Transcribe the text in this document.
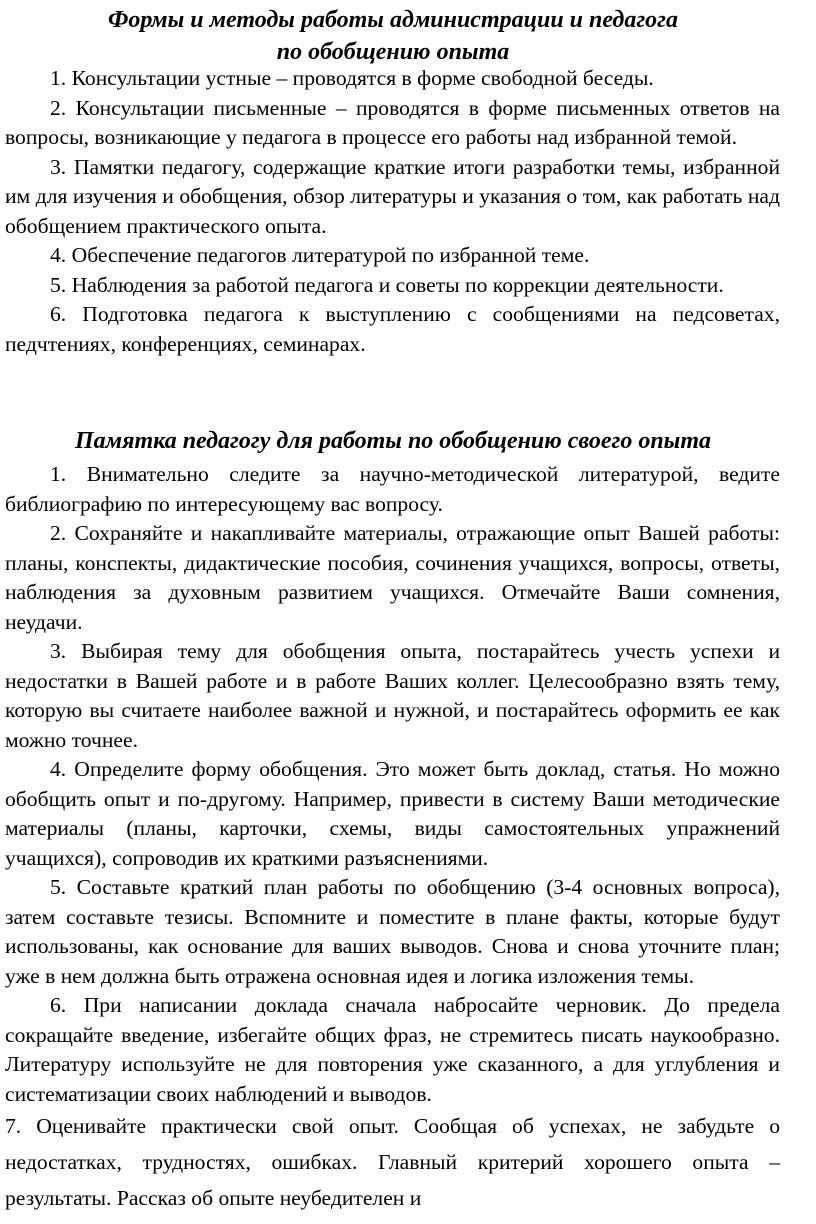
Формы и методы работы администрации и педагога
по обобщению опыта

1. Консультации устные – проводятся в форме свободной беседы.

2. Консультации письменные – проводятся в форме письменных ответов на вопросы, возникающие у педагога в процессе его работы над избранной темой.

3. Памятки педагогу, содержащие краткие итоги разработки темы, избранной им для изучения и обобщения, обзор литературы и указания о том, как работать над обобщением практического опыта.

4. Обеспечение педагогов литературой по избранной теме.

5. Наблюдения за работой педагога и советы по коррекции деятельности.

6. Подготовка педагога к выступлению с сообщениями на педсоветах, педчтениях, конференциях, семинарах.

Памятка педагогу для работы по обобщению своего опыта

1. Внимательно следите за научно-методической литературой, ведите библиографию по интересующему вас вопросу.

2. Сохраняйте и накапливайте материалы, отражающие опыт Вашей работы: планы, конспекты, дидактические пособия, сочинения учащихся, вопросы, ответы, наблюдения за духовным развитием учащихся. Отмечайте Ваши сомнения, неудачи.

3. Выбирая тему для обобщения опыта, постарайтесь учесть успехи и недостатки в Вашей работе и в работе Ваших коллег. Целесообразно взять тему, которую вы считаете наиболее важной и нужной, и постарайтесь оформить ее как можно точнее.

4. Определите форму обобщения. Это может быть доклад, статья. Но можно обобщить опыт и по-другому. Например, привести в систему Ваши методические материалы (планы, карточки, схемы, виды самостоятельных упражнений учащихся), сопроводив их краткими разъяснениями.

5. Составьте краткий план работы по обобщению (3-4 основных вопроса), затем составьте тезисы. Вспомните и поместите в плане факты, которые будут использованы, как основание для ваших выводов. Снова и снова уточните план; уже в нем должна быть отражена основная идея и логика изложения темы.

6. При написании доклада сначала набросайте черновик. До предела сокращайте введение, избегайте общих фраз, не стремитесь писать наукообразно. Литературу используйте не для повторения уже сказанного, а для углубления и систематизации своих наблюдений и выводов.

7. Оценивайте практически свой опыт. Сообщая об успехах, не забудьте о недостатках, трудностях, ошибках. Главный критерий хорошего опыта – результаты. Рассказ об опыте неубедителен и
